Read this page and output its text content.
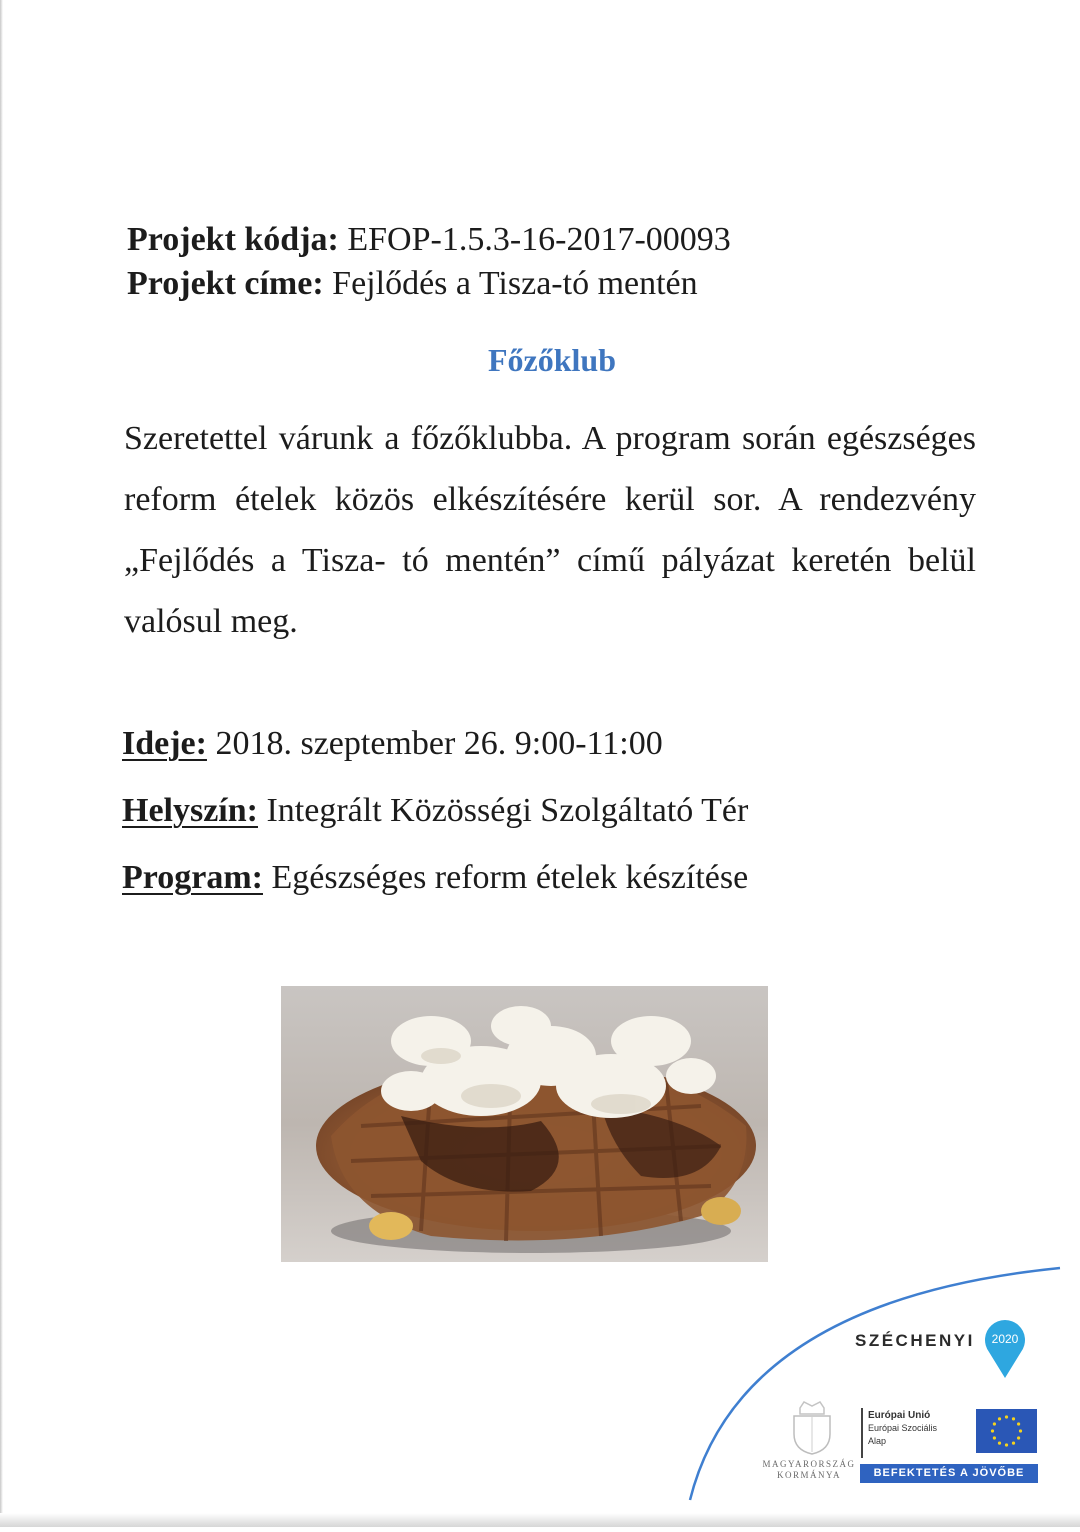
Projekt kódja: EFOP-1.5.3-16-2017-00093
Projekt címe: Fejlődés a Tisza-tó mentén
Főzőklub

Szeretettel várunk a főzőklubba. A program során egészséges reform ételek közös elkészítésére kerül sor. A rendezvény „Fejlődés a Tisza- tó mentén” című pályázat keretén belül valósul meg.

Ideje: 2018. szeptember 26. 9:00-11:00
Helyszín: Integrált Közösségi Szolgáltató Tér
Program: Egészséges reform ételek készítése
SZÉCHENYI	2020
MAGYARORSZÁG
KORMÁNYA
Európai Unió
Európai Szociális
Alap
BEFEKTETÉS A JÖVŐBE
